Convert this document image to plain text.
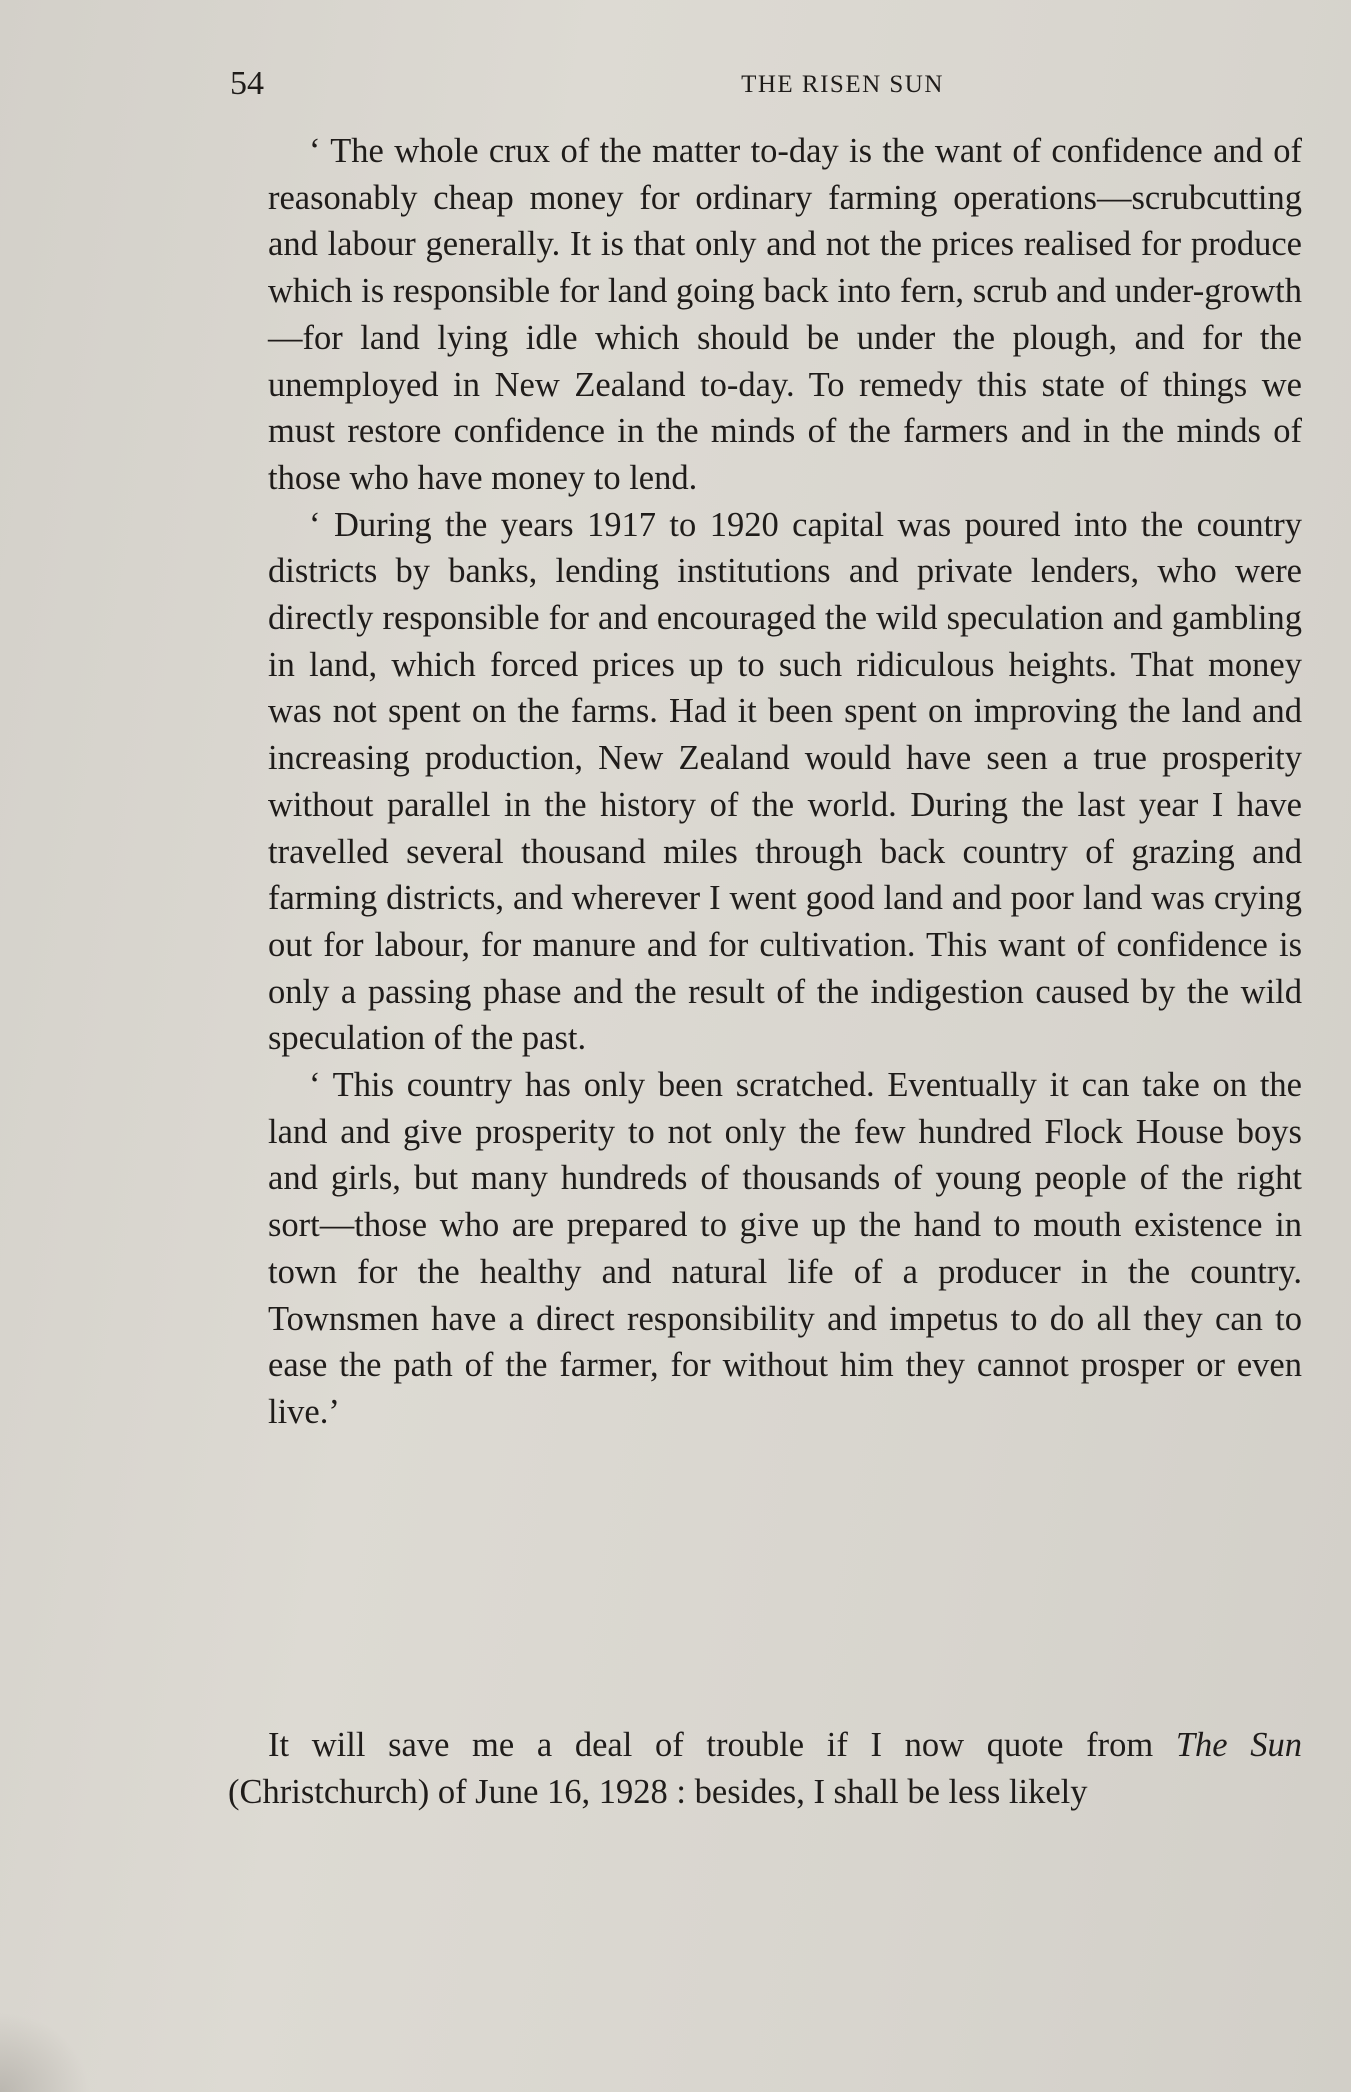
54	THE RISEN SUN

‘ The whole crux of the matter to-day is the want of confidence and of reasonably cheap money for ordinary farming operations—scrubcutting and labour generally. It is that only and not the prices realised for produce which is responsible for land going back into fern, scrub and under-growth—for land lying idle which should be under the plough, and for the unemployed in New Zealand to-day. To remedy this state of things we must restore confidence in the minds of the farmers and in the minds of those who have money to lend.

‘ During the years 1917 to 1920 capital was poured into the country districts by banks, lending institutions and private lenders, who were directly responsible for and encouraged the wild speculation and gambling in land, which forced prices up to such ridiculous heights. That money was not spent on the farms. Had it been spent on improving the land and increasing production, New Zealand would have seen a true prosperity without parallel in the history of the world. During the last year I have travelled several thousand miles through back country of grazing and farming districts, and wherever I went good land and poor land was crying out for labour, for manure and for cultivation. This want of confidence is only a passing phase and the result of the indigestion caused by the wild speculation of the past.

‘ This country has only been scratched. Eventually it can take on the land and give prosperity to not only the few hundred Flock House boys and girls, but many hundreds of thousands of young people of the right sort—those who are prepared to give up the hand to mouth existence in town for the healthy and natural life of a producer in the country. Townsmen have a direct responsibility and impetus to do all they can to ease the path of the farmer, for without him they cannot prosper or even live.’

It will save me a deal of trouble if I now quote from The Sun (Christchurch) of June 16, 1928 : besides, I shall be less likely
